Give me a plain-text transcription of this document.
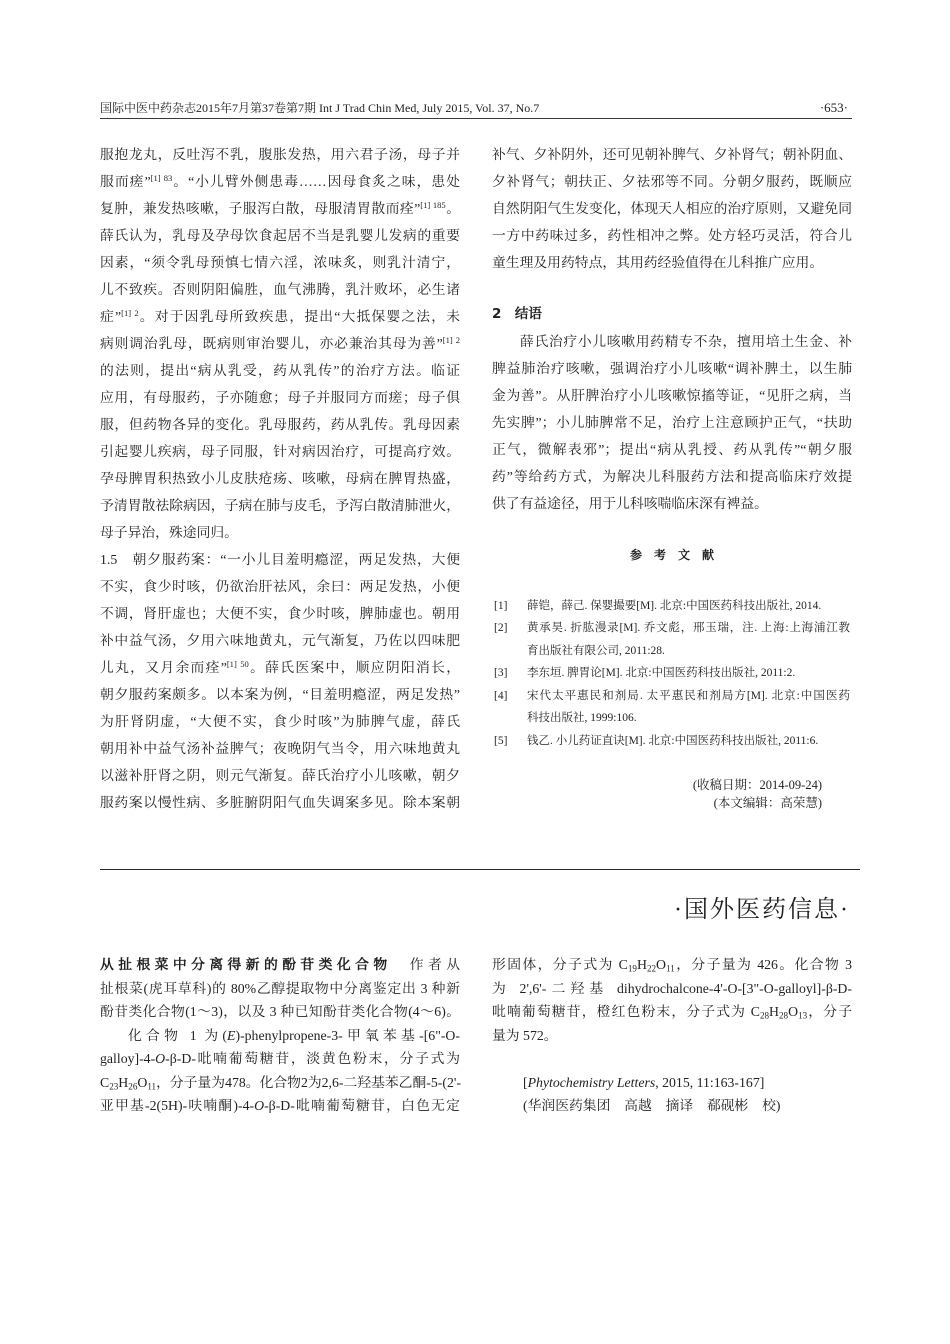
国际中医中药杂志2015年7月第37卷第7期 Int J Trad Chin Med, July 2015, Vol. 37, No.7	·653·
服抱龙丸，反吐泻不乳，腹胀发热，用六君子汤，母子并
服而瘥”$^{[1] 83}$。“小儿臂外侧患毒……因母食炙之味，患处
复肿，兼发热咳嗽，子服泻白散，母服清胃散而痊”$^{[1] 185}$。
薛氏认为，乳母及孕母饮食起居不当是乳婴儿发病的重要
因素，“须令乳母预慎七情六淫，浓味炙，则乳汁清宁，
儿不致疾。否则阴阳偏胜，血气沸腾，乳汁败坏，必生诸
症”$^{[1] 2}$。对于因乳母所致疾患，提出“大抵保婴之法，未
病则调治乳母，既病则审治婴儿，亦必兼治其母为善”$^{[1] 2}$
的法则，提出“病从乳受，药从乳传”的治疗方法。临证
应用，有母服药，子亦随愈；母子并服同方而瘥；母子俱
服，但药物各异的变化。乳母服药，药从乳传。乳母因素
引起婴儿疾病，母子同服，针对病因治疗，可提高疗效。
孕母脾胃积热致小儿皮肤疮疡、咳嗽，母病在脾胃热盛，
予清胃散祛除病因，子病在肺与皮毛，予泻白散清肺泄火，
母子异治，殊途同归。
1.5　朝夕服药案：“一小儿目羞明瘾涩，两足发热，大便
不实，食少时咳，仍欲治肝祛风，余曰：两足发热，小便
不调，肾肝虚也；大便不实，食少时咳，脾肺虚也。朝用
补中益气汤，夕用六味地黄丸，元气渐复，乃佐以四味肥
儿丸，又月余而痊”$^{[1] 50}$。薛氏医案中，顺应阴阳消长，
朝夕服药案颇多。以本案为例，“目羞明瘾涩，两足发热”
为肝肾阴虚，“大便不实，食少时咳”为肺脾气虚，薛氏
朝用补中益气汤补益脾气；夜晚阴气当令，用六味地黄丸
以滋补肝肾之阴，则元气渐复。薛氏治疗小儿咳嗽，朝夕
服药案以慢性病、多脏腑阴阳气血失调案多见。除本案朝
补气、夕补阴外，还可见朝补脾气、夕补肾气；朝补阴血、
夕补肾气；朝扶正、夕祛邪等不同。分朝夕服药，既顺应
自然阴阳气生发变化，体现天人相应的治疗原则，又避免同
一方中药味过多，药性相冲之弊。处方轻巧灵活，符合儿
童生理及用药特点，其用药经验值得在儿科推广应用。
2　结语
薛氏治疗小儿咳嗽用药精专不杂，擅用培土生金、补
脾益肺治疗咳嗽，强调治疗小儿咳嗽“调补脾土，以生肺
金为善”。从肝脾治疗小儿咳嗽惊搐等证，“见肝之病，当
先实脾”；小儿肺脾常不足，治疗上注意顾护正气，“扶助
正气，微解表邪”；提出“病从乳授、药从乳传”“朝夕服
药”等给药方式，为解决儿科服药方法和提高临床疗效提
供了有益途径，用于儿科咳喘临床深有裨益。
参　考　文　献
[1]	薛铠，薛己. 保婴撮要[M]. 北京:中国医药科技出版社, 2014.
[2]	黄承昊. 折肱漫录[M]. 乔文彪，邢玉瑞，注. 上海:上海浦江教
育出版社有限公司, 2011:28.
[3]	李东垣. 脾胃论[M]. 北京:中国医药科技出版社, 2011:2.
[4]	宋代太平惠民和剂局. 太平惠民和剂局方[M]. 北京:中国医药
科技出版社, 1999:106.
[5]	钱乙. 小儿药证直诀[M]. 北京:中国医药科技出版社, 2011:6.
(收稿日期：2014-09-24)
(本文编辑：高荣慧)
·国外医药信息·
从扯根菜中分离得新的酚苷类化合物　作者从
扯根菜(虎耳草科)的 80%乙醇提取物中分离鉴定出 3 种新
酚苷类化合物(1～3)，以及 3 种已知酚苷类化合物(4～6)。
化合物 1 为(E)-phenylpropene-3-甲氧苯基-[6"-O-
galloy]-4-O-β-D-吡喃葡萄糖苷，淡黄色粉末，分子式为
$C_{23}H_{26}O_{11}$，分子量为478。化合物2为2,6-二羟基苯乙酮-5-(2'-
亚甲基-2(5H)-呋喃酮)-4-O-β-D-吡喃葡萄糖苷，白色无定
形固体，分子式为 $C_{19}H_{22}O_{11}$，分子量为 426。化合物 3
为 2',6'-二羟基 dihydrochalcone-4'-O-[3"-O-galloyl]-β-D-
吡喃葡萄糖苷，橙红色粉末，分子式为 $C_{28}H_{28}O_{13}$，分子
量为 572。
[Phytochemistry Letters, 2015, 11:163-167]
(华润医药集团　高越　摘译　郗砚彬　校)
